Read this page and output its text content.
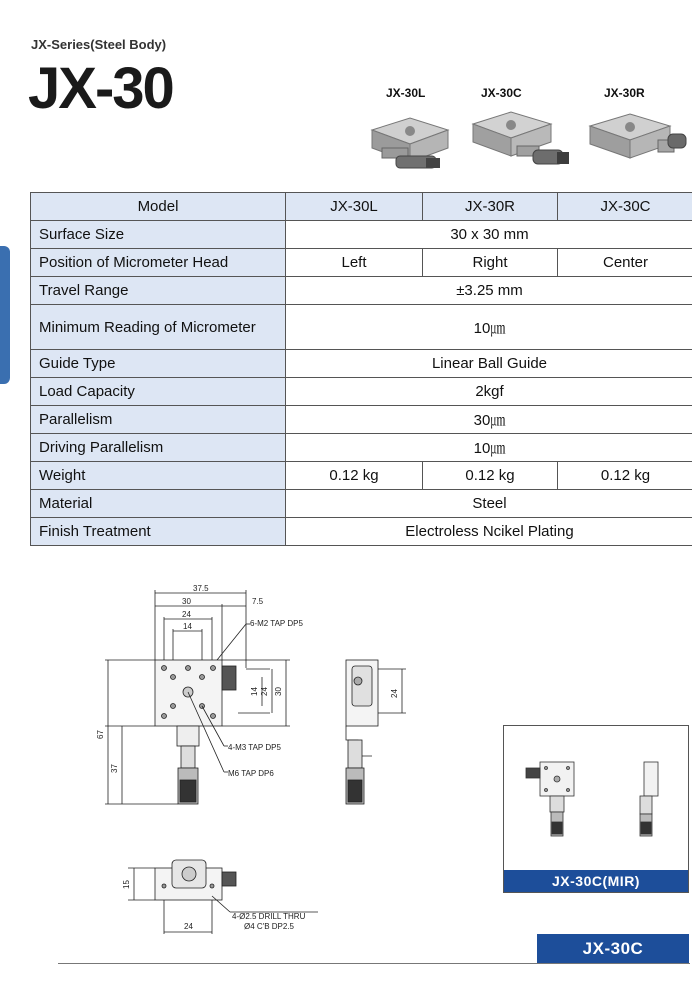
JX-Series(Steel Body)
JX-30	JX-30L	JX-30C	JX-30R
Model	JX-30L	JX-30R	JX-30C
Surface Size	30 x 30 mm		
Position of Micrometer Head	Left	Right	Center
Travel Range	±3.25 mm		
Minimum Reading of Micrometer	10㎛		
Guide Type	Linear Ball Guide		
Load Capacity	2kgf		
Parallelism	30㎛		
Driving Parallelism	10㎛		
Weight	0.12 kg	0.12 kg	0.12 kg
Material	Steel		
Finish Treatment	Electroless Ncikel Plating		
37.5
30	7.5
24
14	6-M2 TAP DP5
14 24 30
67
37
4-M3 TAP DP5
M6 TAP DP6
24
15
24
4-Ø2.5 DRILL THRU
Ø4 C'B DP2.5
JX-30C(MIR)
JX-30C
